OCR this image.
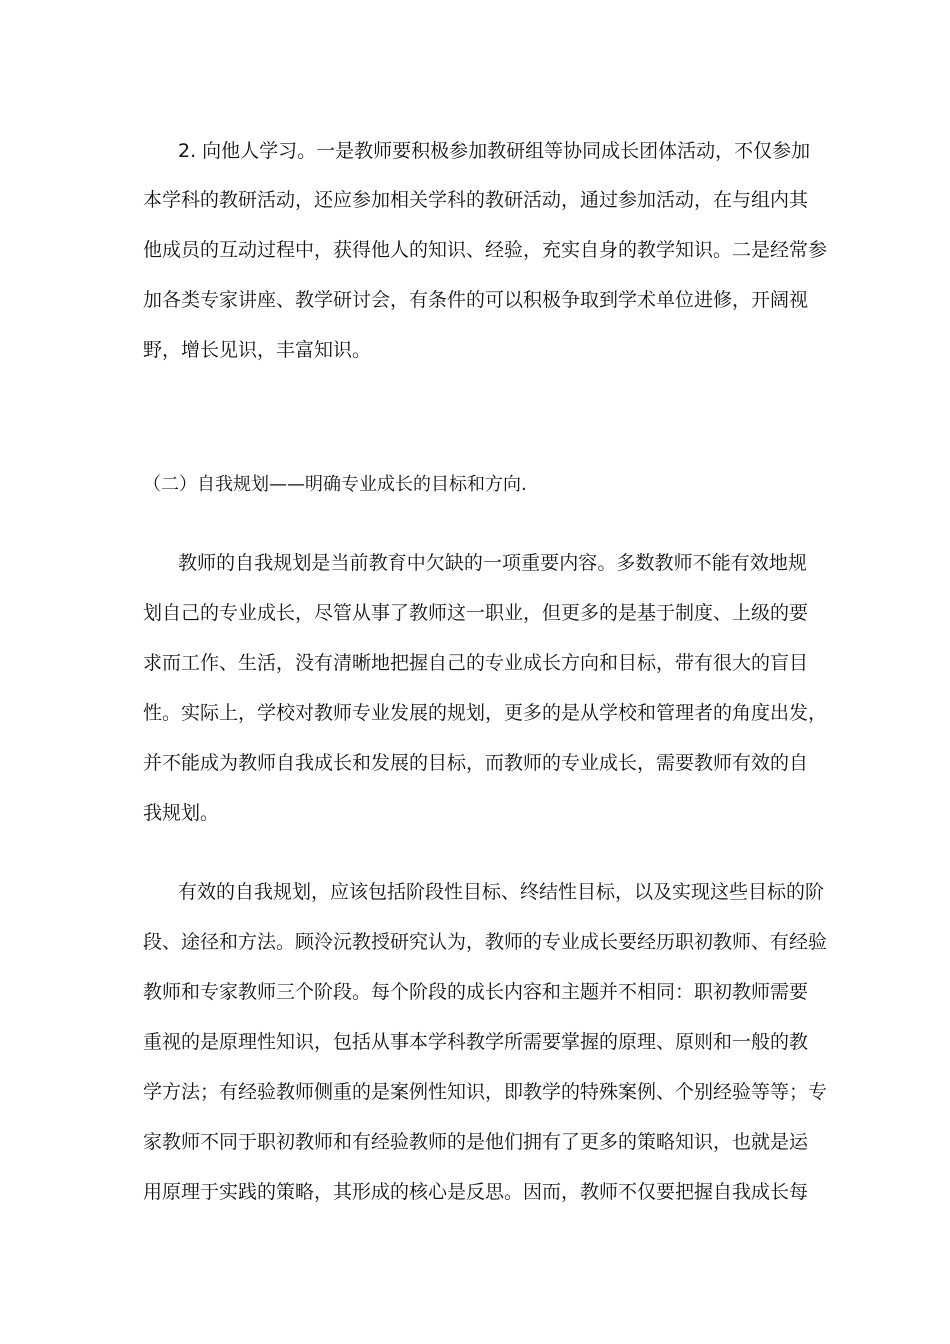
2. 向他人学习。一是教师要积极参加教研组等协同成长团体活动，不仅参加
本学科的教研活动，还应参加相关学科的教研活动，通过参加活动，在与组内其
他成员的互动过程中，获得他人的知识、经验，充实自身的教学知识。二是经常参
加各类专家讲座、教学研讨会，有条件的可以积极争取到学术单位进修，开阔视
野，增长见识，丰富知识。
（二）自我规划——明确专业成长的目标和方向.
教师的自我规划是当前教育中欠缺的一项重要内容。多数教师不能有效地规
划自己的专业成长，尽管从事了教师这一职业，但更多的是基于制度、上级的要
求而工作、生活，没有清晰地把握自己的专业成长方向和目标，带有很大的盲目
性。实际上，学校对教师专业发展的规划，更多的是从学校和管理者的角度出发，
并不能成为教师自我成长和发展的目标，而教师的专业成长，需要教师有效的自
我规划。
有效的自我规划，应该包括阶段性目标、终结性目标，以及实现这些目标的阶
段、途径和方法。顾泠沅教授研究认为，教师的专业成长要经历职初教师、有经验
教师和专家教师三个阶段。每个阶段的成长内容和主题并不相同：职初教师需要
重视的是原理性知识，包括从事本学科教学所需要掌握的原理、原则和一般的教
学方法；有经验教师侧重的是案例性知识，即教学的特殊案例、个别经验等等；专
家教师不同于职初教师和有经验教师的是他们拥有了更多的策略知识，也就是运
用原理于实践的策略，其形成的核心是反思。因而，教师不仅要把握自我成长每
